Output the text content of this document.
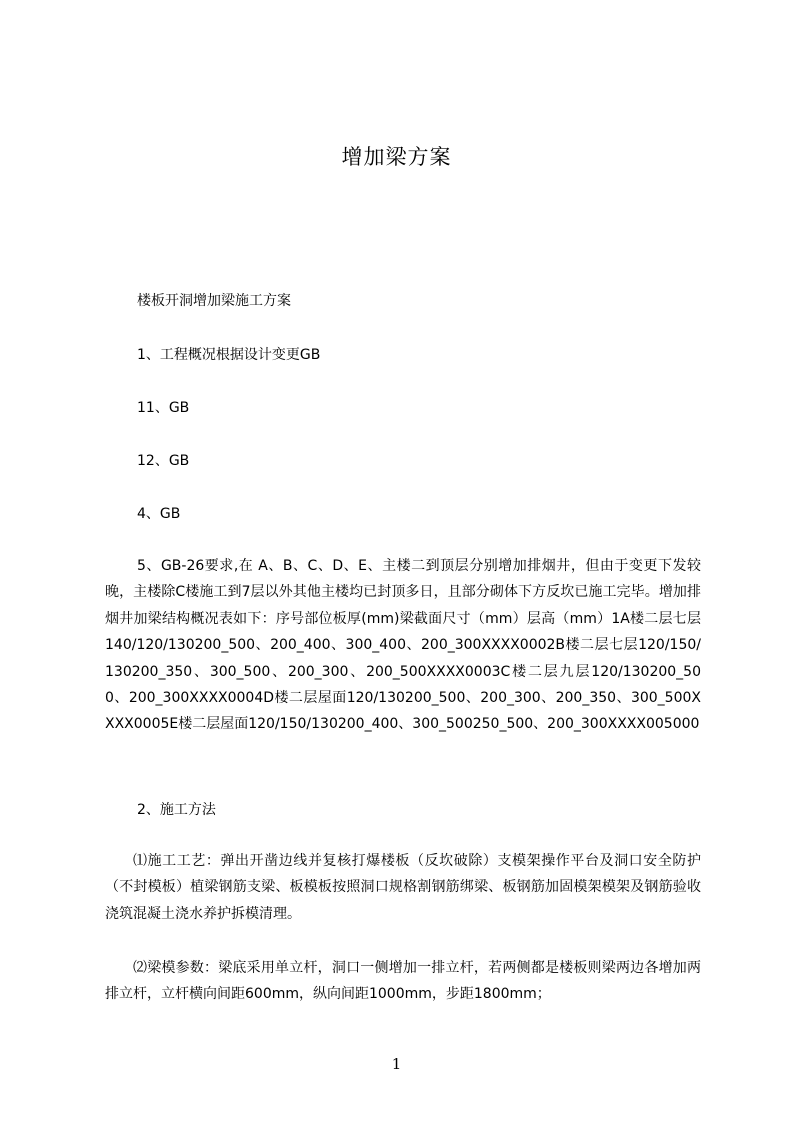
增加梁方案
楼板开洞增加梁施工方案
1、工程概况根据设计变更GB
11、GB
12、GB
4、GB
5、GB-26要求,在 A、B、C、D、E、主楼二到顶层分别增加排烟井，但由于变更下发较晚，主楼除C楼施工到7层以外其他主楼均已封顶多日，且部分砌体下方反坎已施工完毕。增加排烟井加梁结构概况表如下：序号部位板厚(mm)梁截面尺寸（mm）层高（mm）1A楼二层七层140/120/130200_500、200_400、300_400、200_300XXXX0002B楼二层七层120/150/130200_350、300_500、200_300、200_500XXXX0003C楼二层九层120/130200_500、200_300XXXX0004D楼二层屋面120/130200_500、200_300、200_350、300_500XXXX0005E楼二层屋面120/150/130200_400、300_500250_500、200_300XXXX005000
2、施工方法
⑴施工工艺：弹出开凿边线并复核打爆楼板（反坎破除）支模架操作平台及洞口安全防护（不封模板）植梁钢筋支梁、板模板按照洞口规格割钢筋绑梁、板钢筋加固模架模架及钢筋验收浇筑混凝土浇水养护拆模清理。
⑵梁模参数：梁底采用单立杆，洞口一侧增加一排立杆，若两侧都是楼板则梁两边各增加两排立杆，立杆横向间距600mm，纵向间距1000mm，步距1800mm；
1
